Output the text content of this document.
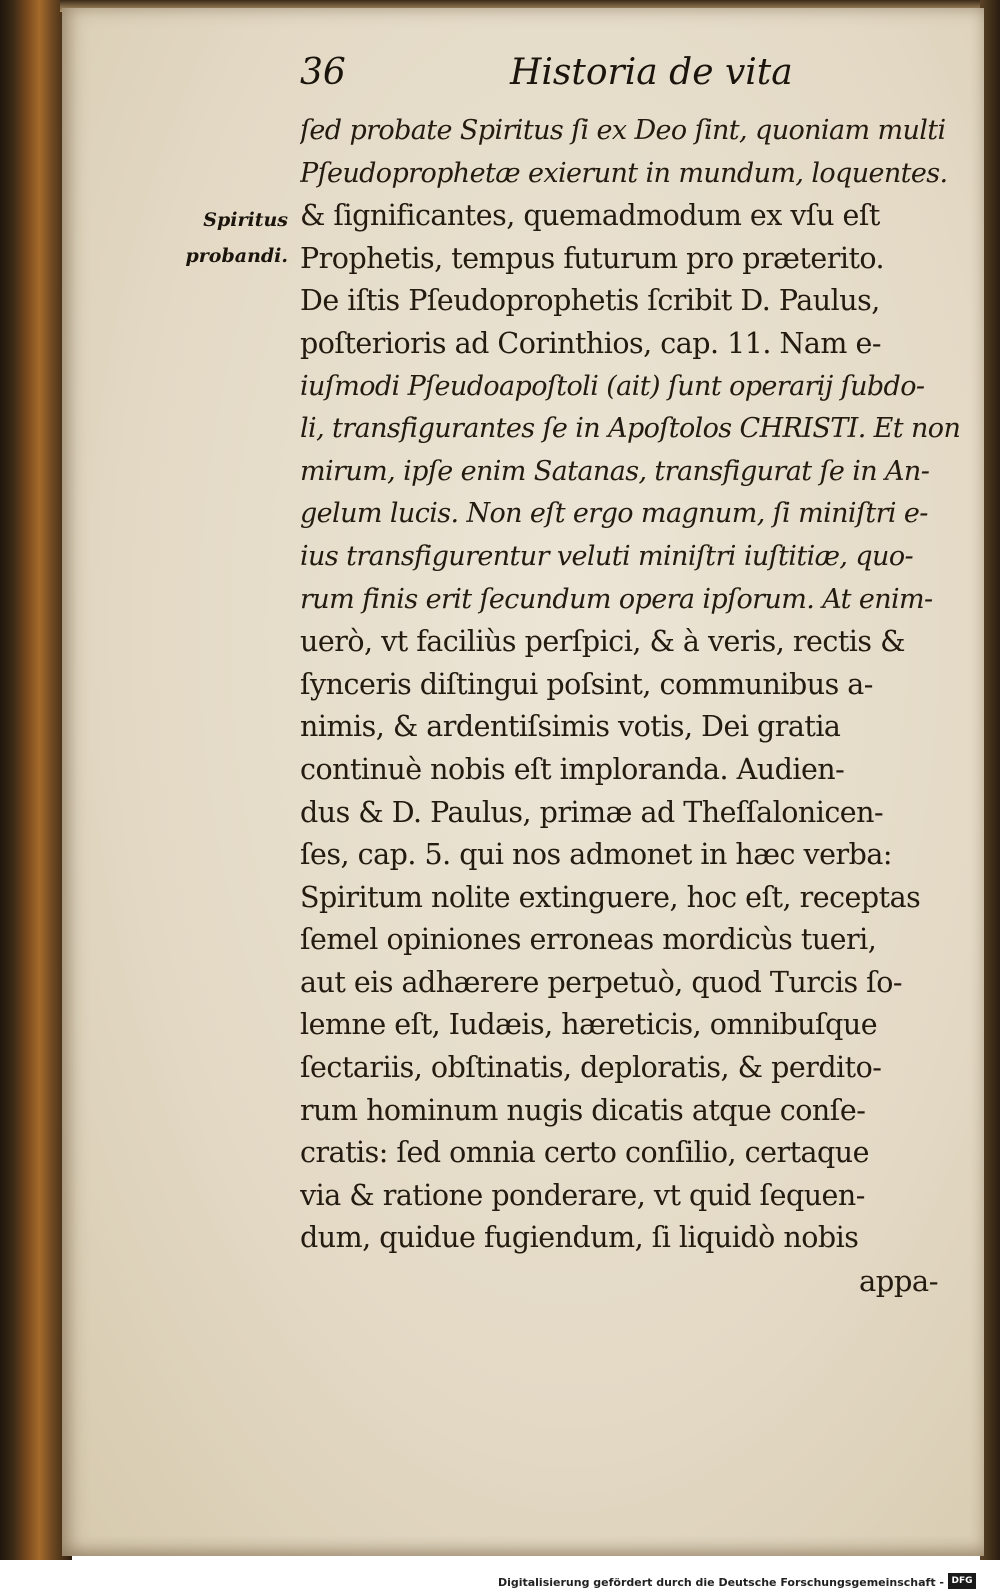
36	Historia de vita
Spiritus
probandi.
ſed probate Spiritus ſi ex Deo ſint, quoniam multi
Pſeudoprophetæ exierunt in mundum, loquentes.
& ſignificantes, quemadmodum ex vſu eſt
Prophetis, tempus futurum pro præterito.
De iſtis Pſeudoprophetis ſcribit D. Paulus,
poſterioris ad Corinthios, cap. 11. Nam e-
iuſmodi Pſeudoapoſtoli (ait) ſunt operarij ſubdo-
li, transfigurantes ſe in Apoſtolos CHRISTI. Et non
mirum, ipſe enim Satanas, transfigurat ſe in An-
gelum lucis. Non eſt ergo magnum, ſi miniſtri e-
ius transfigurentur veluti miniſtri iuſtitiæ, quo-
rum finis erit ſecundum opera ipſorum. At enim-
uerò, vt faciliùs perſpici, & à veris, rectis &
ſynceris diſtingui poſsint, communibus a-
nimis, & ardentiſsimis votis, Dei gratia
continuè nobis eſt imploranda. Audien-
dus & D. Paulus, primæ ad Theſſalonicen-
ſes, cap. 5. qui nos admonet in hæc verba:
Spiritum nolite extinguere, hoc eſt, receptas
ſemel opiniones erroneas mordicùs tueri,
aut eis adhærere perpetuò, quod Turcis ſo-
lemne eſt, Iudæis, hæreticis, omnibuſque
ſectariis, obſtinatis, deploratis, & perdito-
rum hominum nugis dicatis atque conſe-
cratis: ſed omnia certo conſilio, certaque
via & ratione ponderare, vt quid ſequen-
dum, quidue fugiendum, ſi liquidò nobis
appa-
Digitalisierung gefördert durch die Deutsche Forschungsgemeinschaft - DFG
